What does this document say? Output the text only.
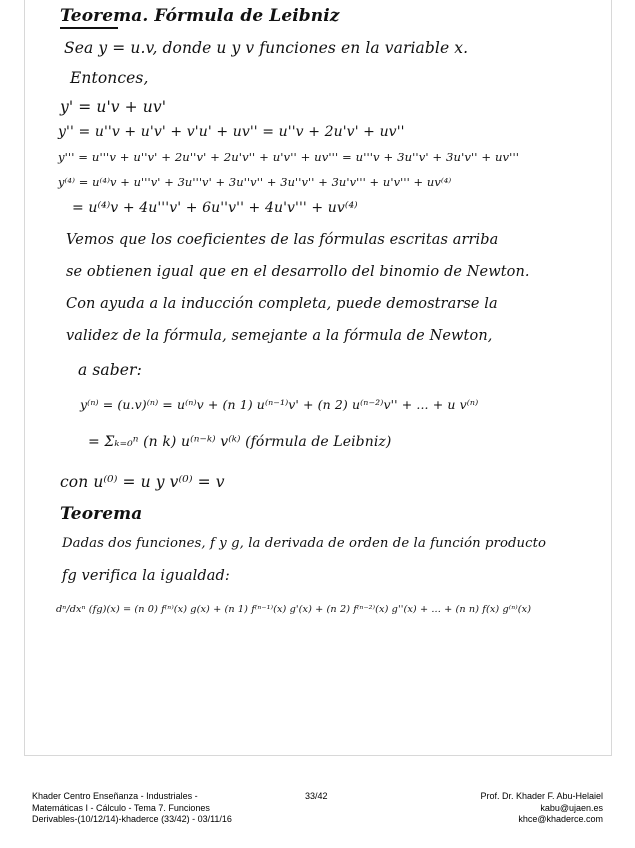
Teorema. Fórmula de Leibniz
Sea y = u.v, donde u y v funciones en la variable x.
Entonces,
y' = u'v + uv'
y'' = u''v + u'v' + v'u' + uv'' = u''v + 2u'v' + uv''
y''' = u'''v + u''v' + 2u''v' + 2u'v'' + u'v'' + uv''' = u'''v + 3u''v' + 3u'v'' + uv'''
y⁽⁴⁾ = u⁽⁴⁾v + u'''v' + 3u'''v' + 3u''v'' + 3u''v'' + 3u'v''' + u'v''' + uv⁽⁴⁾
= u⁽⁴⁾v + 4u'''v' + 6u''v'' + 4u'v''' + uv⁽⁴⁾
Vemos que los coeficientes de las fórmulas escritas arriba
se obtienen igual que en el desarrollo del binomio de Newton.
Con ayuda a la inducción completa, puede demostrarse la
validez de la fórmula, semejante a la fórmula de Newton,
a saber:
y⁽ⁿ⁾ = (u.v)⁽ⁿ⁾ = u⁽ⁿ⁾v + (n 1) u⁽ⁿ⁻¹⁾v' + (n 2) u⁽ⁿ⁻²⁾v'' + ... + u v⁽ⁿ⁾
= Σₖ₌₀ⁿ (n k) u⁽ⁿ⁻ᵏ⁾ v⁽ᵏ⁾ (fórmula de Leibniz)
con u⁽⁰⁾ = u y v⁽⁰⁾ = v
Teorema
Dadas dos funciones, f y g, la derivada de orden de la función producto
fg verifica la igualdad:
dⁿ/dxⁿ (fg)(x) = (n 0) f⁽ⁿ⁾(x) g(x) + (n 1) f⁽ⁿ⁻¹⁾(x) g'(x) + (n 2) f⁽ⁿ⁻²⁾(x) g''(x) + ... + (n n) f(x) g⁽ⁿ⁾(x)
Khader Centro Enseñanza - Industriales -
Matemáticas I - Cálculo - Tema 7. Funciones
Derivables-(10/12/14)-khaderce (33/42) - 03/11/16
33/42	Prof. Dr. Khader F. Abu-Helaiel
kabu@ujaen.es
khce@khaderce.com
